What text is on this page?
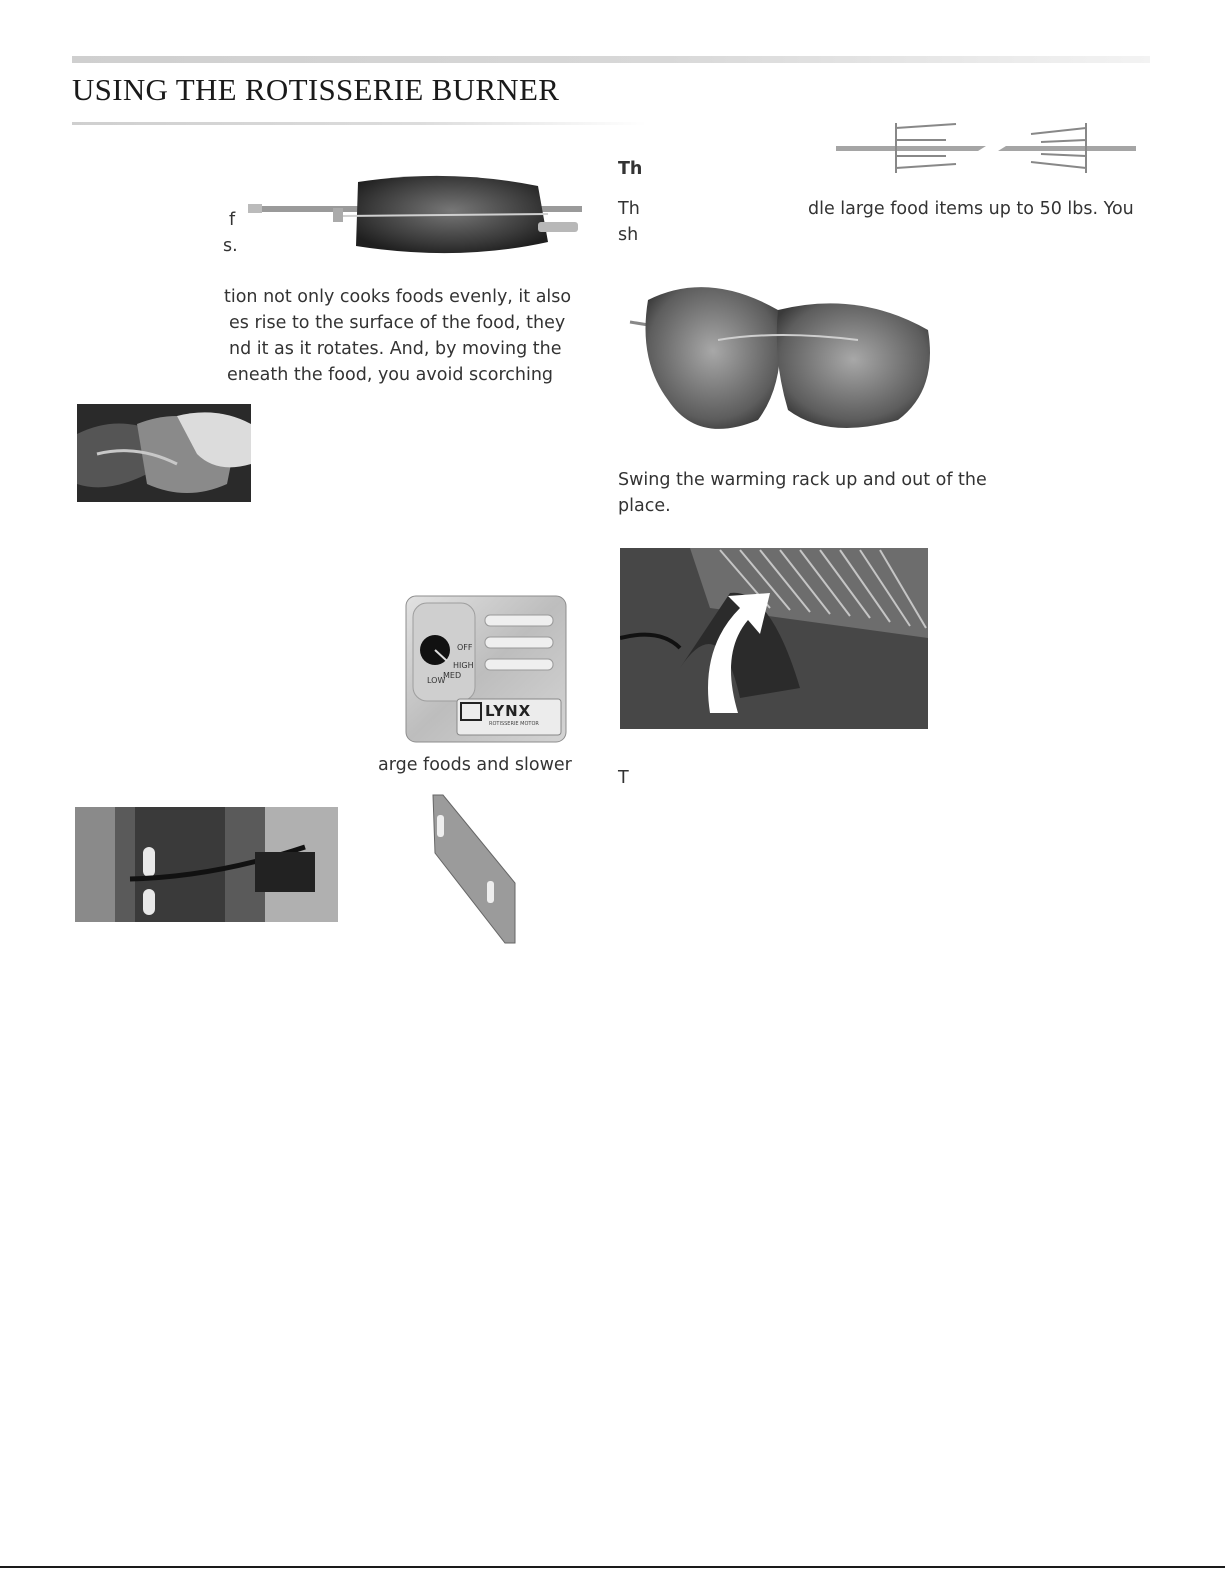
USING THE ROTISSERIE BURNER
f
s.
tion not only cooks foods evenly, it also
es rise to the surface of the food, they
nd it as it rotates. And, by moving the
eneath the food, you avoid scorching
OFF
HIGH
MED
LOW
LYNX
ROTISSERIE MOTOR
arge foods and slower
Th
Th	dle large food items up to 50 lbs. You
sh
Swing the warming rack up and out of the
place.
T
